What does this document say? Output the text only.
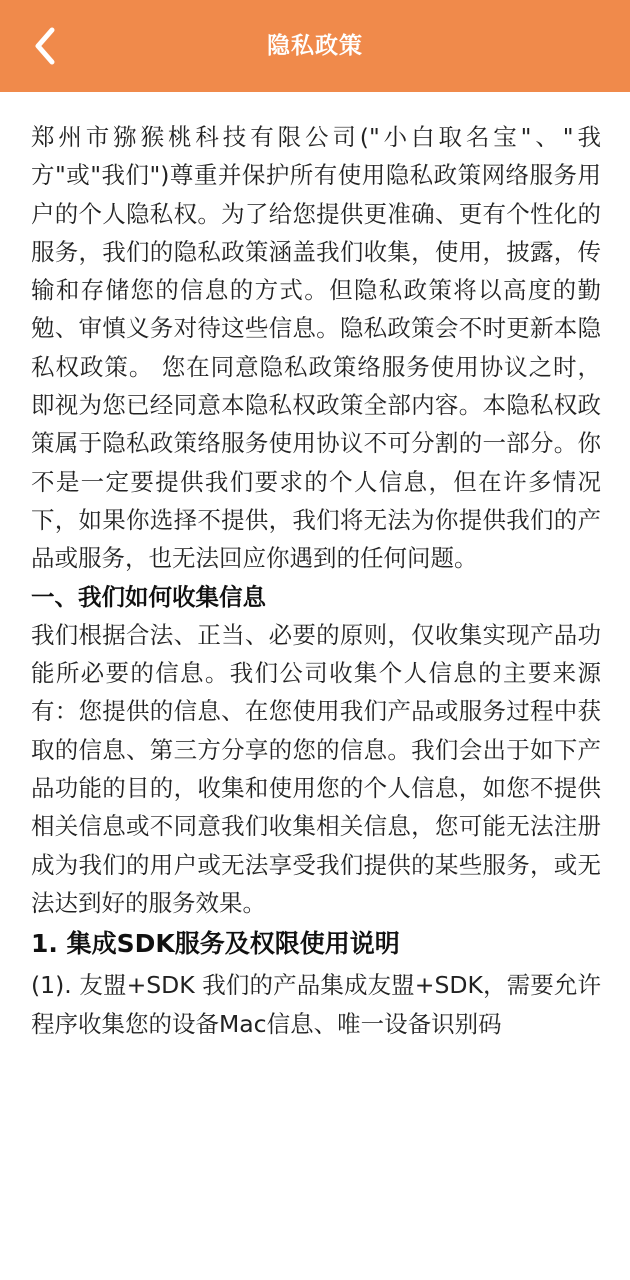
隐私政策

郑州市猕猴桃科技有限公司("小白取名宝"、"我方"或"我们")尊重并保护所有使用隐私政策网络服务用户的个人隐私权。为了给您提供更准确、更有个性化的服务，我们的隐私政策涵盖我们收集，使用，披露，传输和存储您的信息的方式。但隐私政策将以高度的勤勉、审慎义务对待这些信息。隐私政策会不时更新本隐私权政策。 您在同意隐私政策络服务使用协议之时，即视为您已经同意本隐私权政策全部内容。本隐私权政策属于隐私政策络服务使用协议不可分割的一部分。你不是一定要提供我们要求的个人信息，但在许多情况下，如果你选择不提供，我们将无法为你提供我们的产品或服务，也无法回应你遇到的任何问题。

一、我们如何收集信息

我们根据合法、正当、必要的原则，仅收集实现产品功能所必要的信息。我们公司收集个人信息的主要来源有：您提供的信息、在您使用我们产品或服务过程中获取的信息、第三方分享的您的信息。我们会出于如下产品功能的目的，收集和使用您的个人信息，如您不提供相关信息或不同意我们收集相关信息，您可能无法注册成为我们的用户或无法享受我们提供的某些服务，或无法达到好的服务效果。

1. 集成SDK服务及权限使用说明

(1). 友盟+SDK 我们的产品集成友盟+SDK，需要允许程序收集您的设备Mac信息、唯一设备识别码
